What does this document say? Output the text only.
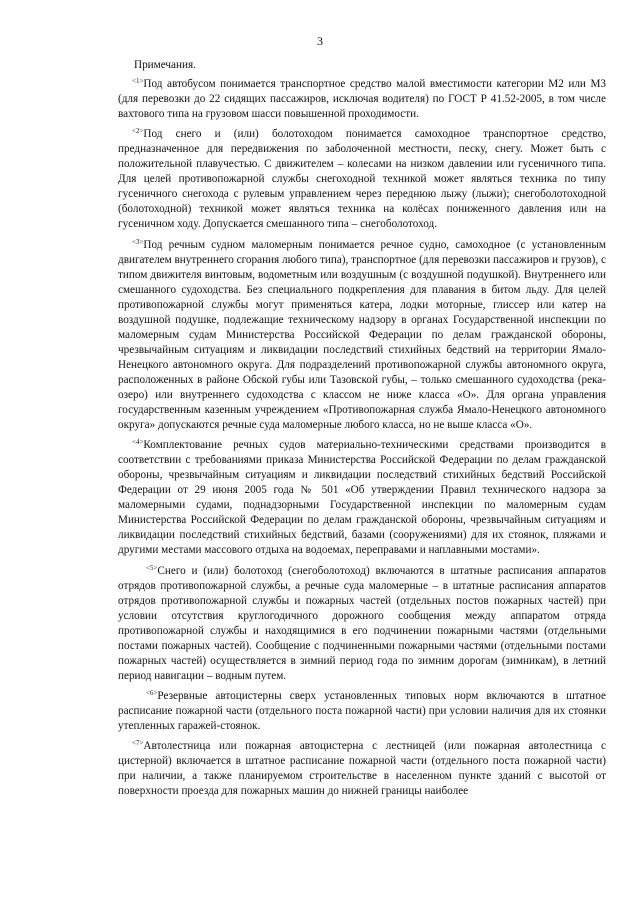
3

Примечания.

$^{<1>}$Под автобусом понимается транспортное средство малой вместимости категории М2 или М3 (для перевозки до 22 сидящих пассажиров, исключая водителя) по ГОСТ Р 41.52-2005, в том числе вахтового типа на грузовом шасси повышенной проходимости.

$^{<2>}$Под снего и (или) болотоходом понимается самоходное транспортное средство, предназначенное для передвижения по заболоченной местности, песку, снегу. Может быть с положительной плавучестью. С движителем – колесами на низком давлении или гусеничного типа. Для целей противопожарной службы снегоходной техникой может являться техника по типу гусеничного снегохода с рулевым управлением через переднюю лыжу (лыжи); снегоболотоходной (болотоходной) техникой может являться техника на колёсах пониженного давления или на гусеничном ходу. Допускается смешанного типа – снегоболотоход.

$^{<3>}$Под речным судном маломерным понимается речное судно, самоходное (с установленным двигателем внутреннего сгорания любого типа), транспортное (для перевозки пассажиров и грузов), с типом движителя винтовым, водометным или воздушным (с воздушной подушкой). Внутреннего или смешанного судоходства. Без специального подкрепления для плавания в битом льду. Для целей противопожарной службы могут применяться катера, лодки моторные, глиссер или катер на воздушной подушке, подлежащие техническому надзору в органах Государственной инспекции по маломерным судам Министерства Российской Федерации по делам гражданской обороны, чрезвычайным ситуациям и ликвидации последствий стихийных бедствий на территории Ямало-Ненецкого автономного округа. Для подразделений противопожарной службы автономного округа, расположенных в районе Обской губы или Тазовской губы, – только смешанного судоходства (река-озеро) или внутреннего судоходства с классом не ниже класса «О». Для органа управления государственным казенным учреждением «Противопожарная служба Ямало-Ненецкого автономного округа» допускаются речные суда маломерные любого класса, но не выше класса «О».

$^{<4>}$Комплектование речных судов материально-техническими средствами производится в соответствии с требованиями приказа Министерства Российской Федерации по делам гражданской обороны, чрезвычайным ситуациям и ликвидации последствий стихийных бедствий Российской Федерации от 29 июня 2005 года № 501 «Об утверждении Правил технического надзора за маломерными судами, поднадзорными Государственной инспекции по маломерным судам Министерства Российской Федерации по делам гражданской обороны, чрезвычайным ситуациям и ликвидации последствий стихийных бедствий, базами (сооружениями) для их стоянок, пляжами и другими местами массового отдыха на водоемах, переправами и наплавными мостами».

$^{<5>}$Снего и (или) болотоход (снегоболотоход) включаются в штатные расписания аппаратов отрядов противопожарной службы, а речные суда маломерные – в штатные расписания аппаратов отрядов противопожарной службы и пожарных частей (отдельных постов пожарных частей) при условии отсутствия круглогодичного дорожного сообщения между аппаратом отряда противопожарной службы и находящимися в его подчинении пожарными частями (отдельными постами пожарных частей). Сообщение с подчиненными пожарными частями (отдельными постами пожарных частей) осуществляется в зимний период года по зимним дорогам (зимникам), в летний период навигации – водным путем.

$^{<6>}$Резервные автоцистерны сверх установленных типовых норм включаются в штатное расписание пожарной части (отдельного поста пожарной части) при условии наличия для их стоянки утепленных гаражей-стоянок.

$^{<7>}$Автолестница или пожарная автоцистерна с лестницей (или пожарная автолестница с цистерной) включается в штатное расписание пожарной части (отдельного поста пожарной части) при наличии, а также планируемом строительстве в населенном пункте зданий с высотой от поверхности проезда для пожарных машин до нижней границы наиболее
